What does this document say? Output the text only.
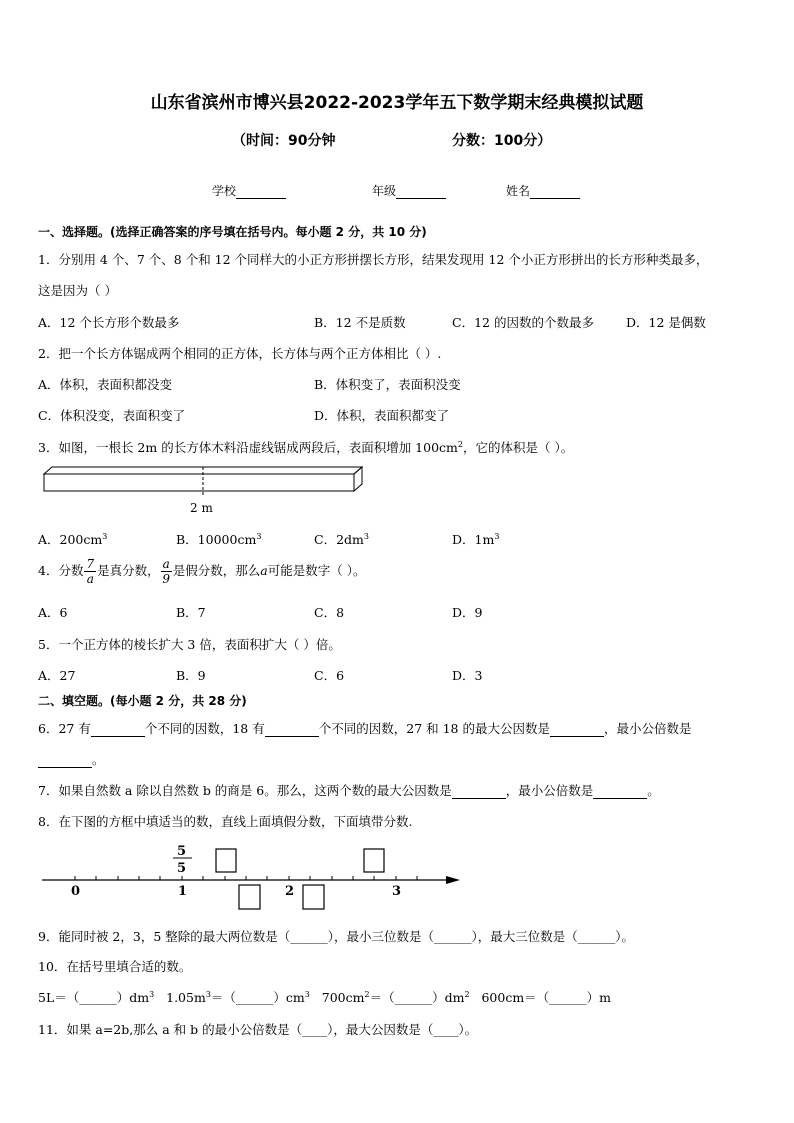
山东省滨州市博兴县2022-2023学年五下数学期末经典模拟试题
（时间：90分钟	分数：100分）
学校	年级	姓名
一、选择题。(选择正确答案的序号填在括号内。每小题 2 分，共 10 分)
1．分别用 4 个、7 个、8 个和 12 个同样大的小正方形拼摆长方形，结果发现用 12 个小正方形拼出的长方形种类最多，
这是因为（ ）
A．12 个长方形个数最多	B．12 不是质数	C．12 的因数的个数最多	D．12 是偶数
2．把一个长方体锯成两个相同的正方体，长方体与两个正方体相比（ ）.
A．体积，表面积都没变	B．体积变了，表面积没变
C．体积没变，表面积变了	D．体积，表面积都变了
3．如图，一根长 2m 的长方体木料沿虚线锯成两段后，表面积增加 $100cm^2$，它的体积是（ ）。
2 m
A．$200cm^3$	B．$10000cm^3$	C．$2dm^3$	D．$1m^3$
4．分数 $\frac{7}{a}$ 是真分数， $\frac{a}{9}$ 是假分数，那么a可能是数字（ ）。
A．6	B．7	C．8	D．9
5．一个正方体的棱长扩大 3 倍，表面积扩大（ ）倍。
A．27	B．9	C．6	D．3
二、填空题。(每小题 2 分，共 28 分)
6．27 有	个不同的因数，18 有	个不同的因数，27 和 18 的最大公因数是	，最小公倍数是
。
7．如果自然数 a 除以自然数 b 的商是 6。那么，这两个数的最大公因数是	，最小公倍数是	。
8．在下图的方框中填适当的数，直线上面填假分数，下面填带分数.
0	1	2	3
5
5
9．能同时被 2，3，5 整除的最大两位数是（______），最小三位数是（______），最大三位数是（______）。
10．在括号里填合适的数。
$5L=(\_\_\_\_\_\_)dm^3$ $1.05m^3=(\_\_\_\_\_\_)cm^3$ $700cm^2=(\_\_\_\_\_\_)dm^2$ 600cm＝（______）m
11．如果 a=2b,那么 a 和 b 的最小公倍数是（____），最大公因数是（____）。
